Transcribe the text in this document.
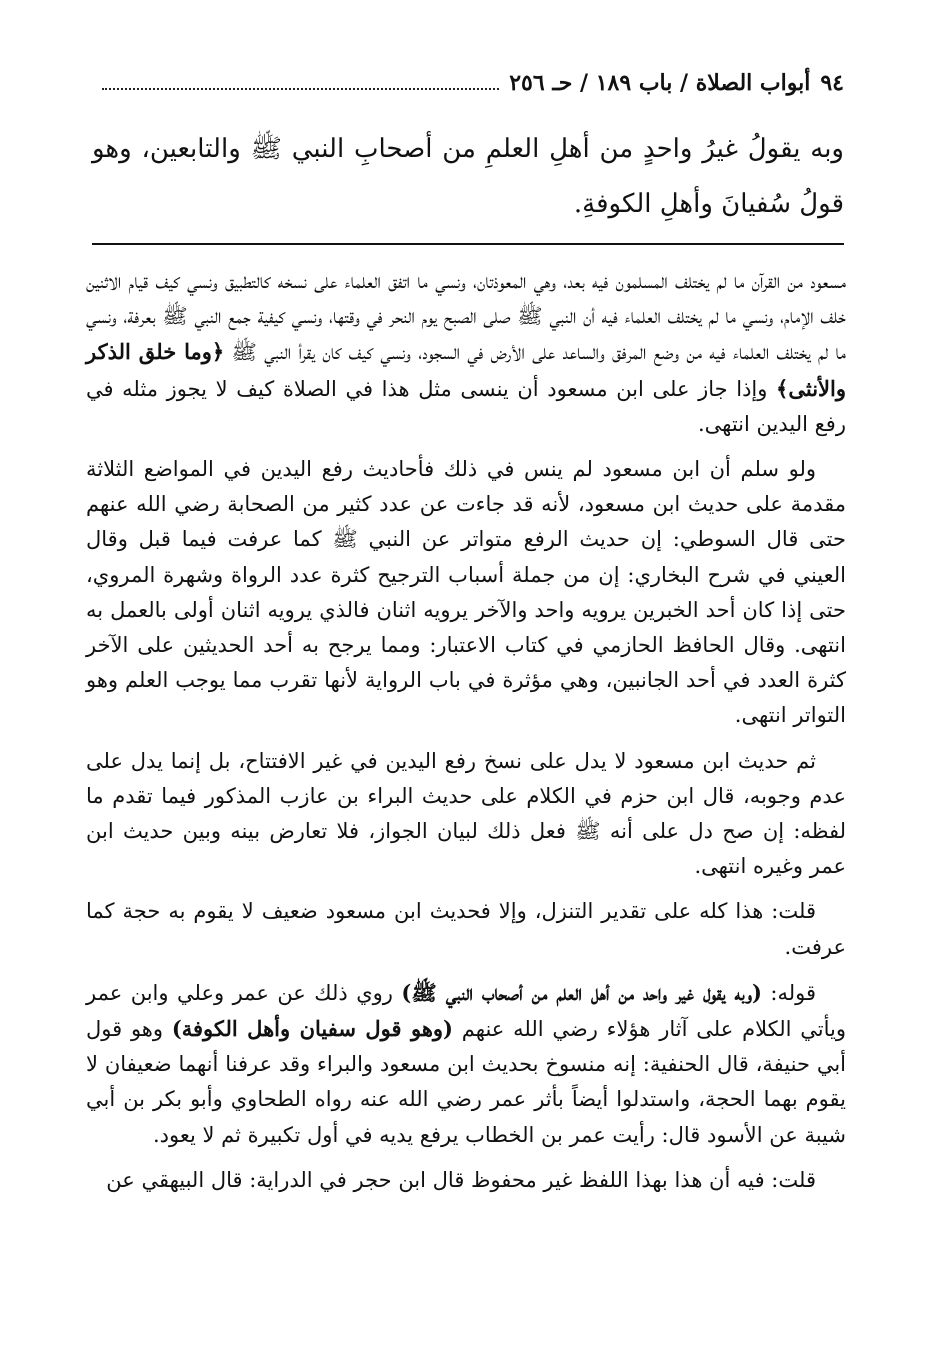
٩٤
أبواب الصلاة / باب ١٨٩ / حـ ٢٥٦

وبه يقولُ غيرُ واحدٍ من أهلِ العلمِ من أصحابِ النبي ﷺ والتابعين، وهو قولُ سُفيانَ وأهلِ الكوفةِ.

مسعود من القرآن ما لم يختلف المسلمون فيه بعد، وهي المعوذتان، ونسي ما اتفق العلماء على نسخه كالتطبيق ونسي كيف قيام الاثنين خلف الإمام، ونسي ما لم يختلف العلماء فيه أن النبي ﷺ صلى الصبح يوم النحر في وقتها، ونسي كيفية جمع النبي ﷺ بعرفة، ونسي ما لم يختلف العلماء فيه من وضع المرفق والساعد على الأرض في السجود، ونسي كيف كان يقرأ النبي ﷺ ﴿وما خلق الذكر والأنثى﴾ وإذا جاز على ابن مسعود أن ينسى مثل هذا في الصلاة كيف لا يجوز مثله في رفع اليدين انتهى.

ولو سلم أن ابن مسعود لم ينس في ذلك فأحاديث رفع اليدين في المواضع الثلاثة مقدمة على حديث ابن مسعود، لأنه قد جاءت عن عدد كثير من الصحابة رضي الله عنهم حتى قال السوطي: إن حديث الرفع متواتر عن النبي ﷺ كما عرفت فيما قبل وقال العيني في شرح البخاري: إن من جملة أسباب الترجيح كثرة عدد الرواة وشهرة المروي، حتى إذا كان أحد الخبرين يرويه واحد والآخر يرويه اثنان فالذي يرويه اثنان أولى بالعمل به انتهى. وقال الحافظ الحازمي في كتاب الاعتبار: ومما يرجح به أحد الحديثين على الآخر كثرة العدد في أحد الجانبين، وهي مؤثرة في باب الرواية لأنها تقرب مما يوجب العلم وهو التواتر انتهى.

ثم حديث ابن مسعود لا يدل على نسخ رفع اليدين في غير الافتتاح، بل إنما يدل على عدم وجوبه، قال ابن حزم في الكلام على حديث البراء بن عازب المذكور فيما تقدم ما لفظه: إن صح دل على أنه ﷺ فعل ذلك لبيان الجواز، فلا تعارض بينه وبين حديث ابن عمر وغيره انتهى.

قلت: هذا كله على تقدير التنزل، وإلا فحديث ابن مسعود ضعيف لا يقوم به حجة كما عرفت.

قوله: (وبه يقول غير واحد من أهل العلم من أصحاب النبي ﷺ) روي ذلك عن عمر وعلي وابن عمر ويأتي الكلام على آثار هؤلاء رضي الله عنهم (وهو قول سفيان وأهل الكوفة) وهو قول أبي حنيفة، قال الحنفية: إنه منسوخ بحديث ابن مسعود والبراء وقد عرفنا أنهما ضعيفان لا يقوم بهما الحجة، واستدلوا أيضاً بأثر عمر رضي الله عنه رواه الطحاوي وأبو بكر بن أبي شيبة عن الأسود قال: رأيت عمر بن الخطاب يرفع يديه في أول تكبيرة ثم لا يعود.

قلت: فيه أن هذا بهذا اللفظ غير محفوظ قال ابن حجر في الدراية: قال البيهقي عن
